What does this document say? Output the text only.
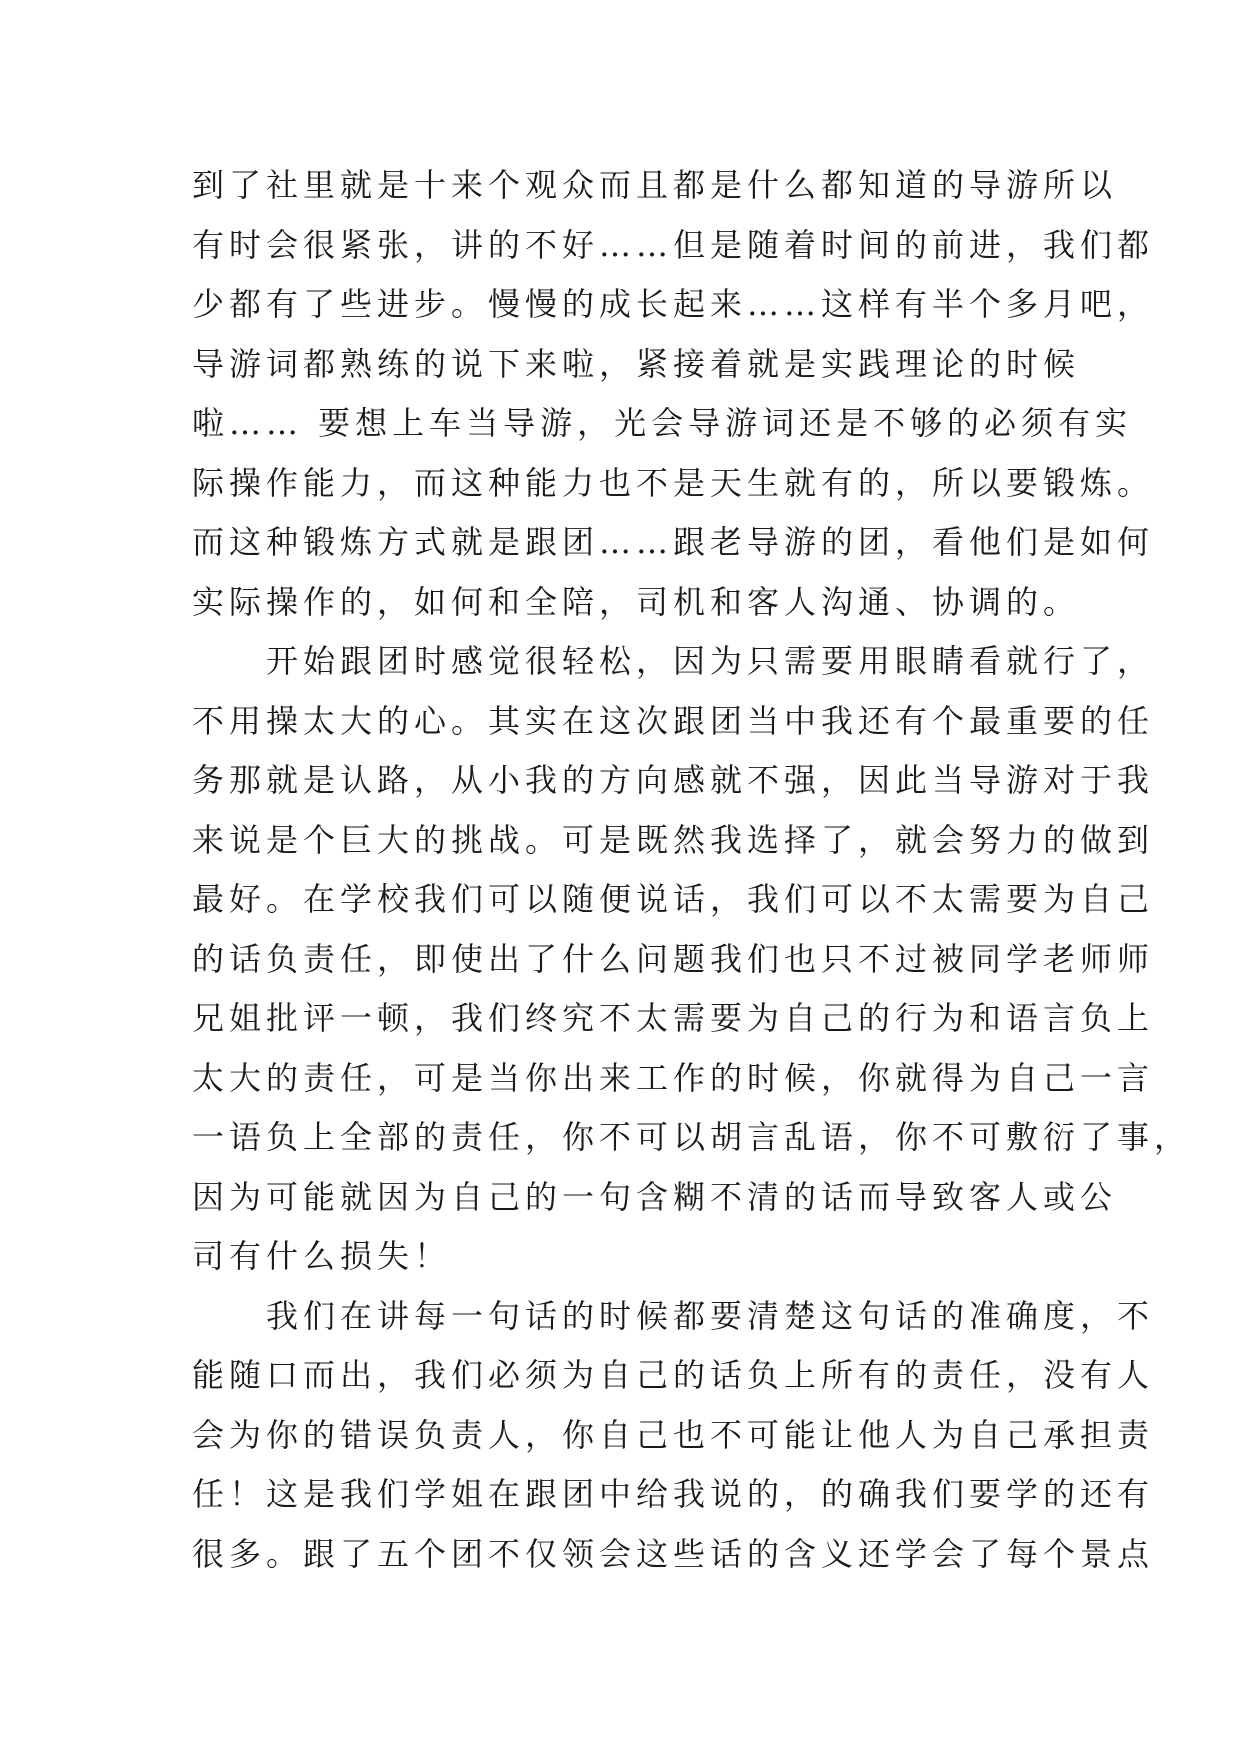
到了社里就是十来个观众而且都是什么都知道的导游所以
有时会很紧张，讲的不好……但是随着时间的前进，我们都
少都有了些进步。慢慢的成长起来……这样有半个多月吧，
导游词都熟练的说下来啦，紧接着就是实践理论的时候
啦…… 要想上车当导游，光会导游词还是不够的必须有实
际操作能力，而这种能力也不是天生就有的，所以要锻炼。
而这种锻炼方式就是跟团……跟老导游的团，看他们是如何
实际操作的，如何和全陪，司机和客人沟通、协调的。
开始跟团时感觉很轻松，因为只需要用眼睛看就行了，
不用操太大的心。其实在这次跟团当中我还有个最重要的任
务那就是认路，从小我的方向感就不强，因此当导游对于我
来说是个巨大的挑战。可是既然我选择了，就会努力的做到
最好。在学校我们可以随便说话，我们可以不太需要为自己
的话负责任，即使出了什么问题我们也只不过被同学老师师
兄姐批评一顿，我们终究不太需要为自己的行为和语言负上
太大的责任，可是当你出来工作的时候，你就得为自己一言
一语负上全部的责任，你不可以胡言乱语，你不可敷衍了事，
因为可能就因为自己的一句含糊不清的话而导致客人或公
司有什么损失！
我们在讲每一句话的时候都要清楚这句话的准确度，不
能随口而出，我们必须为自己的话负上所有的责任，没有人
会为你的错误负责人，你自己也不可能让他人为自己承担责
任！这是我们学姐在跟团中给我说的，的确我们要学的还有
很多。跟了五个团不仅领会这些话的含义还学会了每个景点
